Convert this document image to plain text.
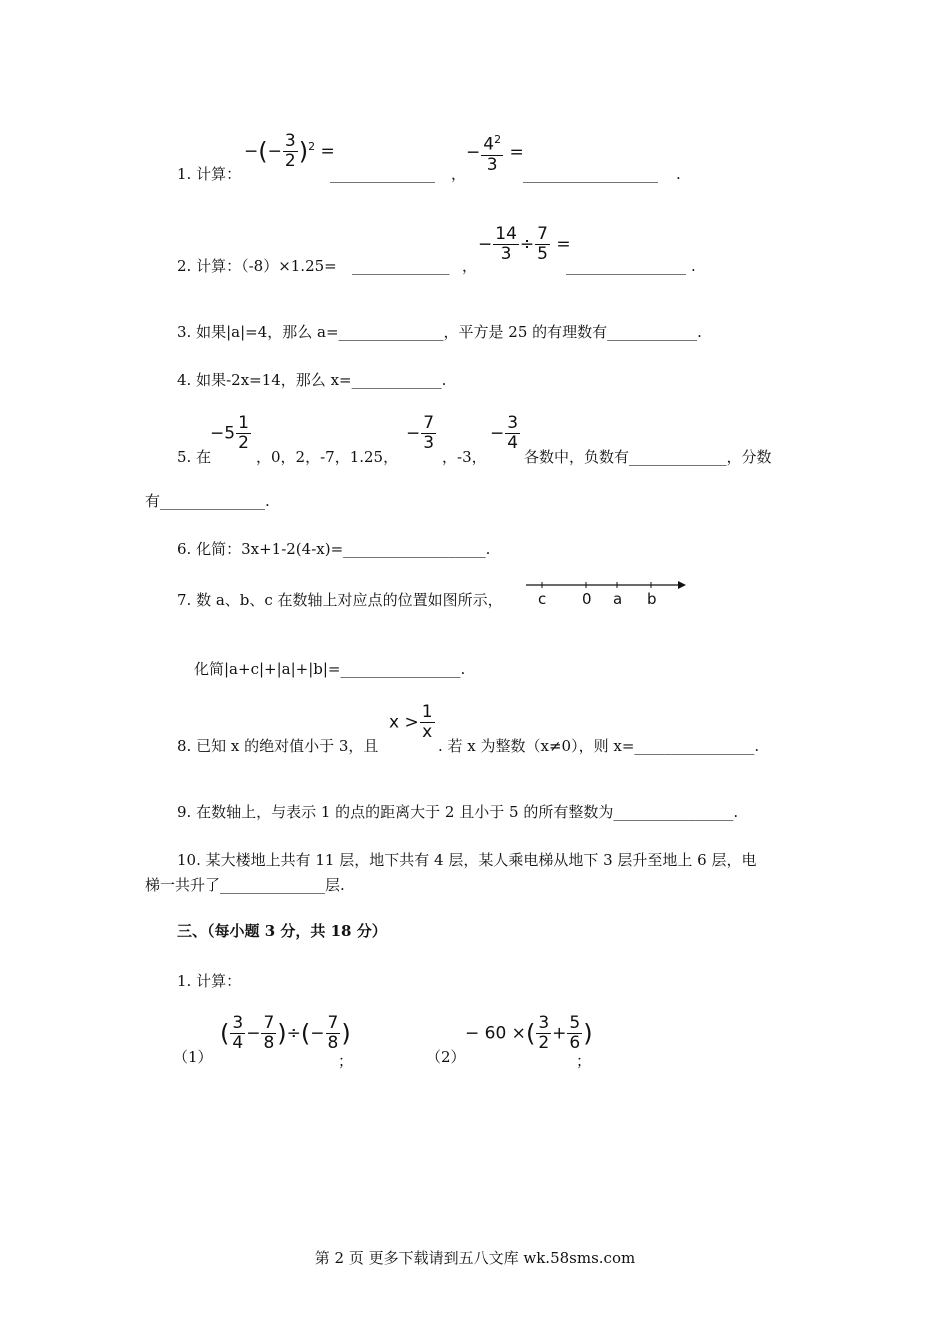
1. 计算：
−(− $\frac{3}{2} )^2$ =
______________ ，
− $\frac{4^2}{3}$ =
__________________ .
2. 计算：（-8）×1.25= _____________ ，
− $\frac{14}{3} \div \frac{7}{5}$ =
________________ .
3. 如果|a|=4，那么 a=______________，平方是 25 的有理数有____________.
4. 如果-2x=14，那么 x=____________.
5. 在
$-5 \frac{1}{2}$
，0，2，-7，1.25，
− $\frac{7}{3}$
，-3，
− $\frac{3}{4}$
各数中，负数有_____________，分数
有______________.
6. 化简：3x+1-2(4-x)=___________________.
7. 数 a、b、c 在数轴上对应点的位置如图所示， c 0 a b
化简|a+c|+|a|+|b|=________________.
8. 已知 x 的绝对值小于 3，且
$x > \frac{1}{x}$
. 若 x 为整数（x≠0），则 x=________________.
9. 在数轴上，与表示 1 的点的距离大于 2 且小于 5 的所有整数为________________.
10. 某大楼地上共有 11 层，地下共有 4 层，某人乘电梯从地下 3 层升至地上 6 层，电
梯一共升了______________层.
三、（每小题 3 分，共 18 分）
1. 计算：
（1）
( $\frac{3}{4} - \frac{7}{8}$ )÷(− $\frac{7}{8}$ )
；	（2）
− 60 ×( $\frac{3}{2} + \frac{5}{6}$ )
；
第 2 页 更多下载请到五八文库 wk.58sms.com
